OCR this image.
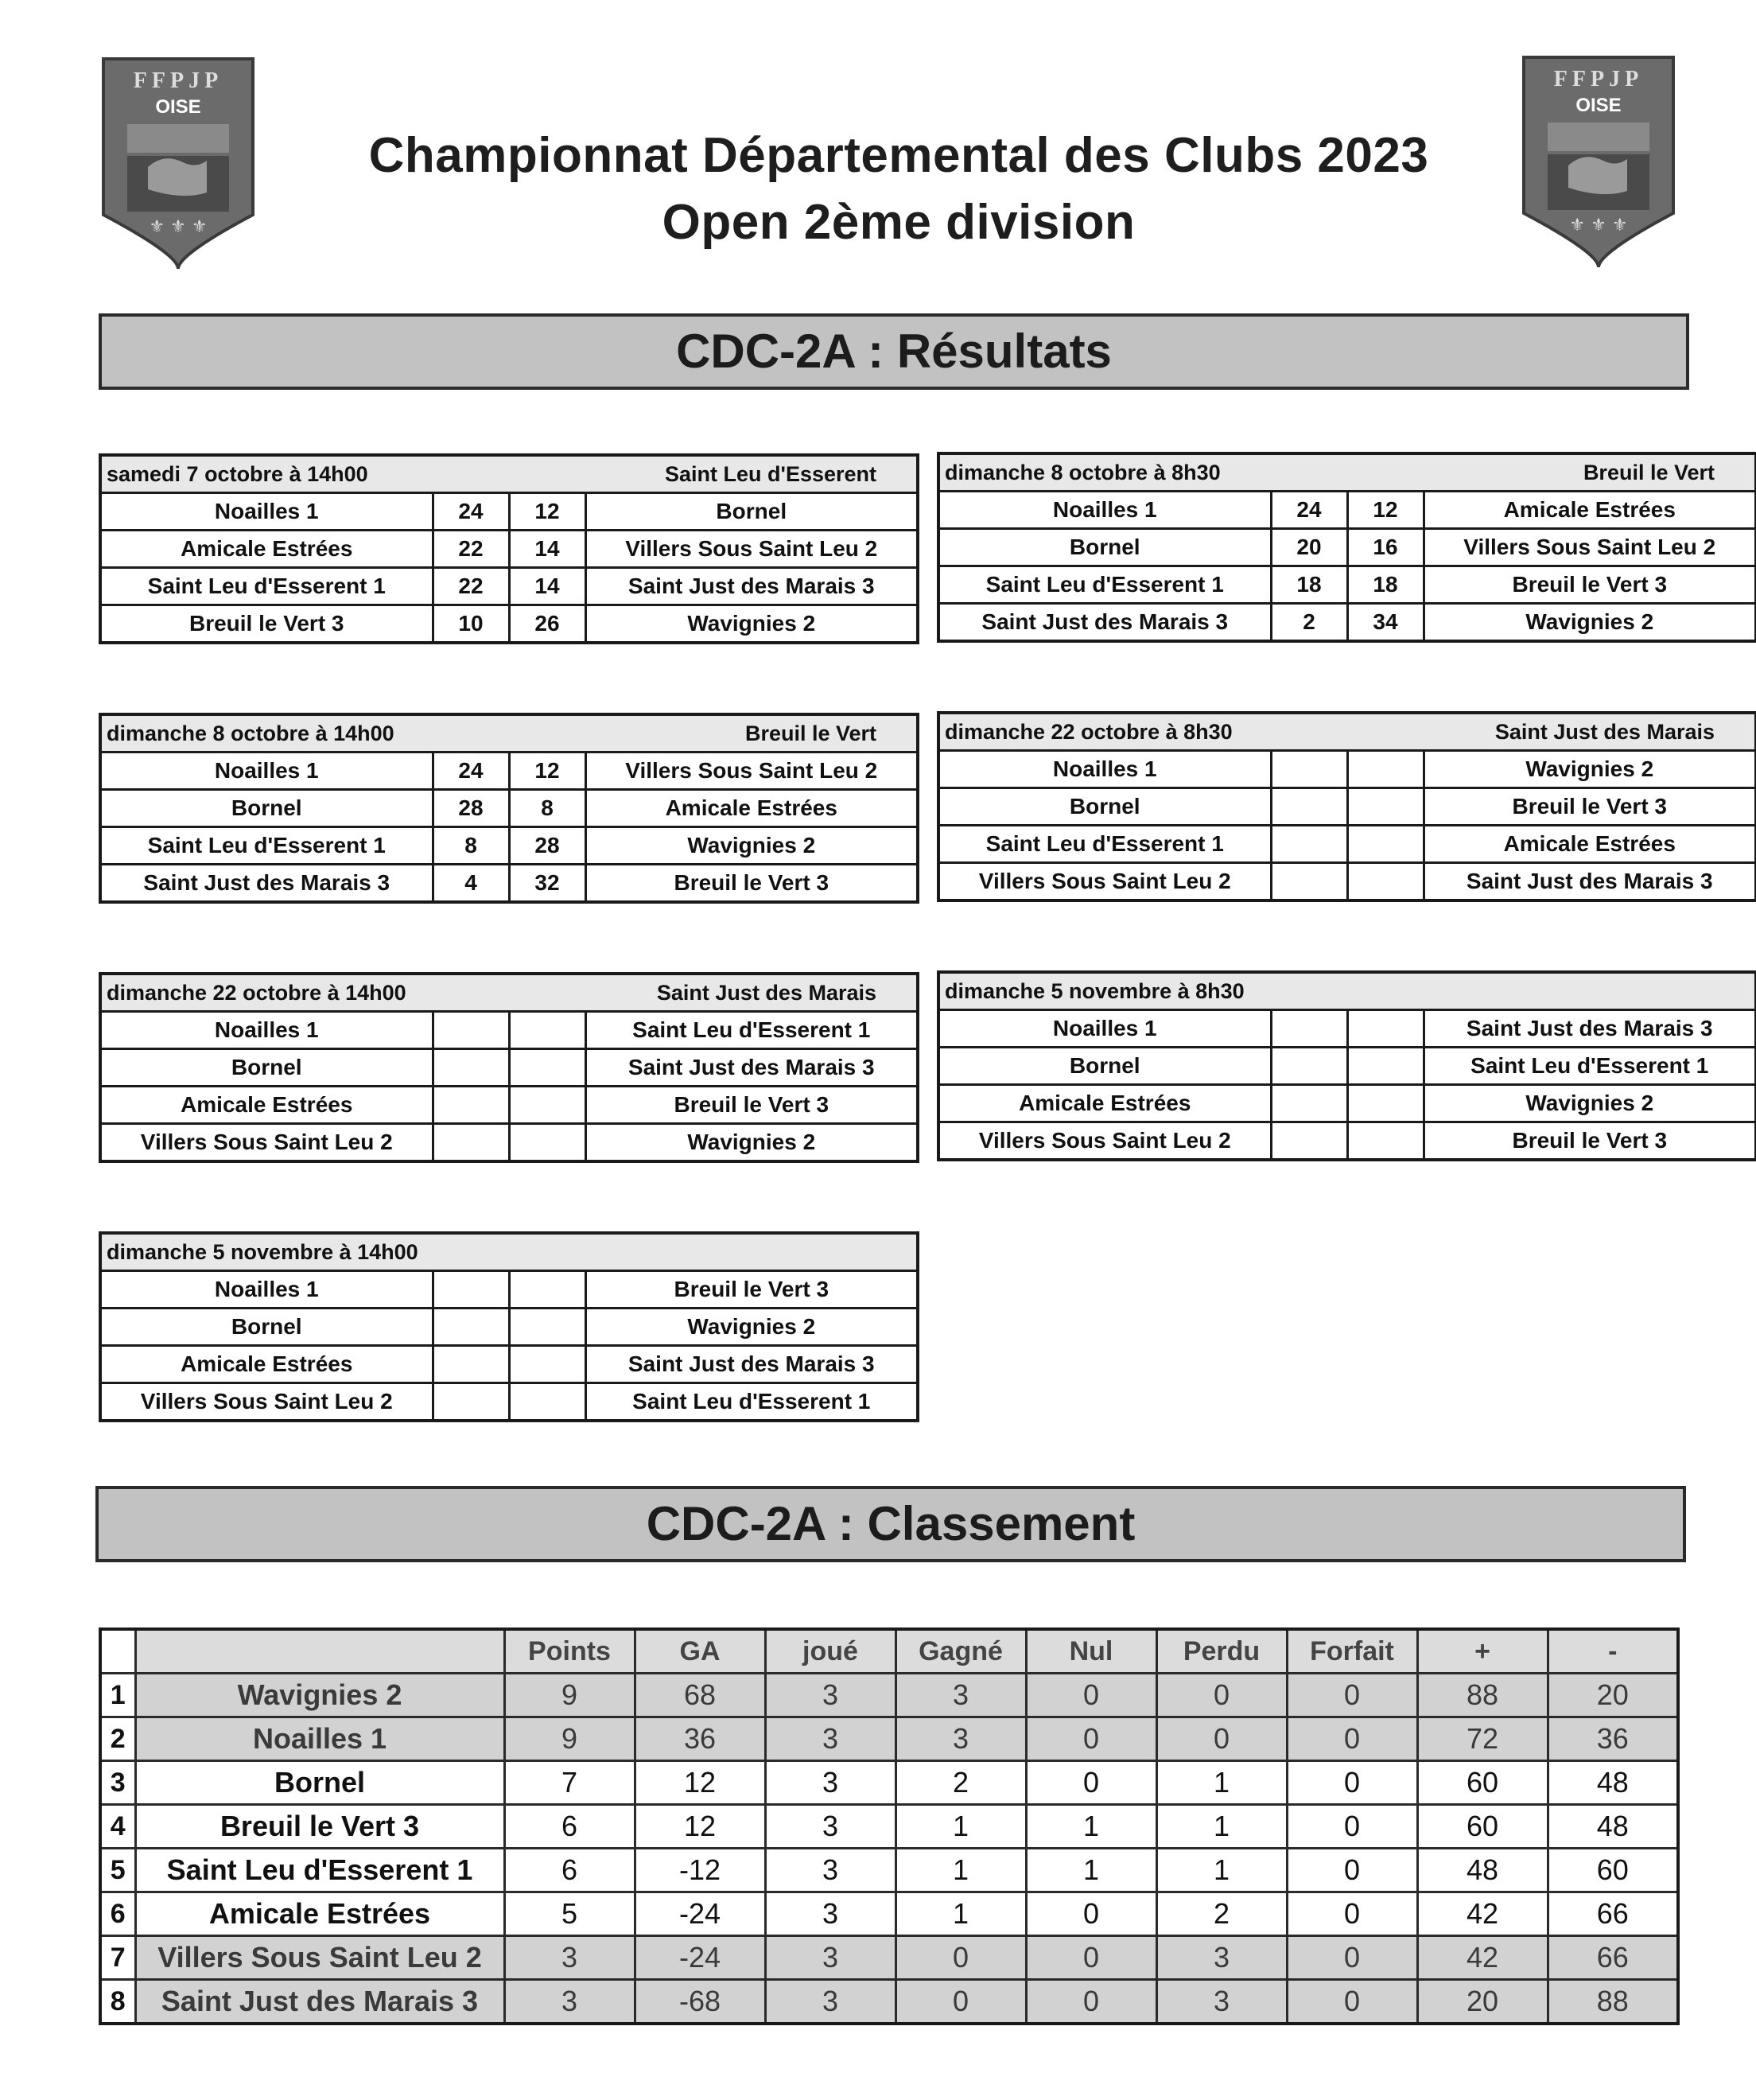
FFPJP
OISE
⚜ ⚜ ⚜
FFPJP
OISE
⚜ ⚜ ⚜
Championnat Départemental des Clubs 2023
Open 2ème division
CDC-2A : Résultats
samedi 7 octobre à 14h00 Saint Leu d'Esserent			

Noailles 1	24	12	Bornel
Amicale Estrées	22	14	Villers Sous Saint Leu 2
Saint Leu d'Esserent 1	22	14	Saint Just des Marais 3
Breuil le Vert 3	10	26	Wavignies 2
dimanche 8 octobre à 8h30 Breuil le Vert			

Noailles 1	24	12	Amicale Estrées
Bornel	20	16	Villers Sous Saint Leu 2
Saint Leu d'Esserent 1	18	18	Breuil le Vert 3
Saint Just des Marais 3	2	34	Wavignies 2
dimanche 8 octobre à 14h00 Breuil le Vert			

Noailles 1	24	12	Villers Sous Saint Leu 2
Bornel	28	8	Amicale Estrées
Saint Leu d'Esserent 1	8	28	Wavignies 2
Saint Just des Marais 3	4	32	Breuil le Vert 3
dimanche 22 octobre à 8h30 Saint Just des Marais			

Noailles 1			Wavignies 2
Bornel			Breuil le Vert 3
Saint Leu d'Esserent 1			Amicale Estrées
Villers Sous Saint Leu 2			Saint Just des Marais 3
dimanche 22 octobre à 14h00 Saint Just des Marais			

Noailles 1			Saint Leu d'Esserent 1
Bornel			Saint Just des Marais 3
Amicale Estrées			Breuil le Vert 3
Villers Sous Saint Leu 2			Wavignies 2
dimanche 5 novembre à 8h30			

Noailles 1			Saint Just des Marais 3
Bornel			Saint Leu d'Esserent 1
Amicale Estrées			Wavignies 2
Villers Sous Saint Leu 2			Breuil le Vert 3
dimanche 5 novembre à 14h00			

Noailles 1			Breuil le Vert 3
Bornel			Wavignies 2
Amicale Estrées			Saint Just des Marais 3
Villers Sous Saint Leu 2			Saint Leu d'Esserent 1
CDC-2A : Classement
		Points	GA	joué	Gagné	Nul	Perdu	Forfait	+	-
1	Wavignies 2	9	68	3	3	0	0	0	88	20
2	Noailles 1	9	36	3	3	0	0	0	72	36
3	Bornel	7	12	3	2	0	1	0	60	48
4	Breuil le Vert 3	6	12	3	1	1	1	0	60	48
5	Saint Leu d'Esserent 1	6	-12	3	1	1	1	0	48	60
6	Amicale Estrées	5	-24	3	1	0	2	0	42	66
7	Villers Sous Saint Leu 2	3	-24	3	0	0	3	0	42	66
8	Saint Just des Marais 3	3	-68	3	0	0	3	0	20	88
